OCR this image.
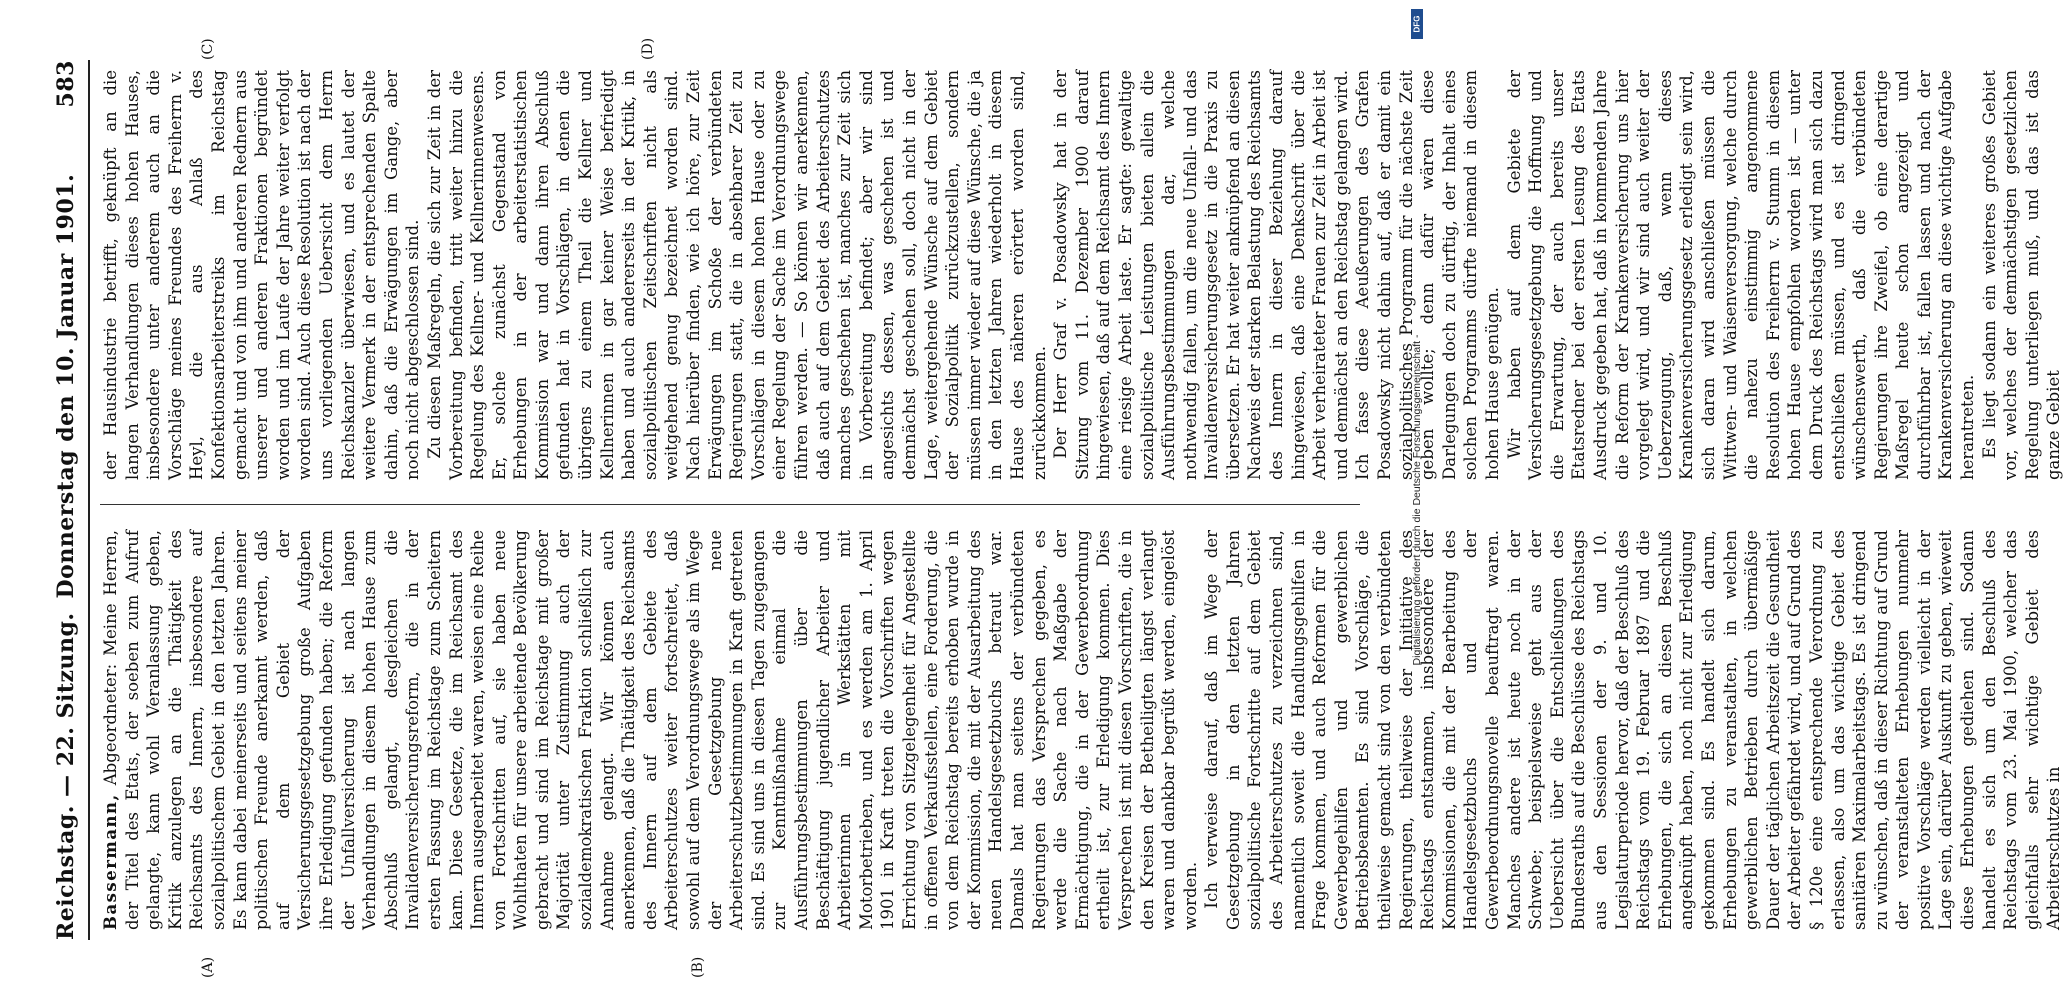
Reichstag. — 22. Sitzung.
Donnerstag den 10. Januar 1901.
583
(A)	(B)
(C)	(D)

Bassermann, Abgeordneter: Meine Herren, der Titel des Etats, der soeben zum Aufruf gelangte, kann wohl Veranlassung geben, Kritik anzulegen an die Thätigkeit des Reichsamts des Innern, insbesondere auf sozialpolitischem Gebiet in den letzten Jahren. Es kann dabei meinerseits und seitens meiner politischen Freunde anerkannt werden, daß auf dem Gebiet der Versicherungsgesetzgebung große Aufgaben ihre Erledigung gefunden haben; die Reform der Unfallversicherung ist nach langen Verhandlungen in diesem hohen Hause zum Abschluß gelangt, desgleichen die Invalidenversicherungsreform, die in der ersten Fassung im Reichstage zum Scheitern kam. Diese Gesetze, die im Reichsamt des Innern ausgearbeitet waren, weisen eine Reihe von Fortschritten auf, sie haben neue Wohlthaten für unsere arbeitende Bevölkerung gebracht und sind im Reichstage mit großer Majorität unter Zustimmung auch der sozialdemokratischen Fraktion schließlich zur Annahme gelangt. Wir können auch anerkennen, daß die Thätigkeit des Reichsamts des Innern auf dem Gebiete des Arbeiterschutzes weiter fortschreitet, daß sowohl auf dem Verordnungswege als im Wege der Gesetzgebung neue Arbeiterschutzbestimmungen in Kraft getreten sind. Es sind uns in diesen Tagen zugegangen zur Kenntnißnahme einmal die Ausführungsbestimmungen über die Beschäftigung jugendlicher Arbeiter und Arbeiterinnen in Werkstätten mit Motorbetrieben, und es werden am 1. April 1901 in Kraft treten die Vorschriften wegen Errichtung von Sitzgelegenheit für Angestellte in offenen Verkaufsstellen, eine Forderung, die von dem Reichstag bereits erhoben wurde in der Kommission, die mit der Ausarbeitung des neuen Handelsgesetzbuchs betraut war. Damals hat man seitens der verbündeten Regierungen das Versprechen gegeben, es werde die Sache nach Maßgabe der Ermächtigung, die in der Gewerbeordnung ertheilt ist, zur Erledigung kommen. Dies Versprechen ist mit diesen Vorschriften, die in den Kreisen der Betheiligten längst verlangt waren und dankbar begrüßt werden, eingelöst worden. Ich verweise darauf, daß im Wege der Gesetzgebung in den letzten Jahren sozialpolitische Fortschritte auf dem Gebiet des Arbeiterschutzes zu verzeichnen sind, namentlich soweit die Handlungsgehilfen in Frage kommen, und auch Reformen für die Gewerbegehilfen und gewerblichen Betriebsbeamten. Es sind Vorschläge, die theilweise gemacht sind von den verbündeten Regierungen, theilweise der Initiative des Reichstags entstammen, insbesondere der Kommissionen, die mit der Bearbeitung des Handelsgesetzbuchs und der Gewerbeordnungsnovelle beauftragt waren. Manches andere ist heute noch in der Schwebe; beispielsweise geht aus der Uebersicht über die Entschließungen des Bundesraths auf die Beschlüsse des Reichstags aus den Sessionen der 9. und 10. Legislaturperiode hervor, daß der Beschluß des Reichstags vom 19. Februar 1897 und die Erhebungen, die sich an diesen Beschluß angeknüpft haben, noch nicht zur Erledigung gekommen sind. Es handelt sich darum, Erhebungen zu veranstalten, in welchen gewerblichen Betrieben durch übermäßige Dauer der täglichen Arbeitszeit die Gesundheit der Arbeiter gefährdet wird, und auf Grund des § 120e eine entsprechende Verordnung zu erlassen, also um das wichtige Gebiet des sanitären Maximalarbeitstags. Es ist dringend zu wünschen, daß in dieser Richtung auf Grund der veranstalteten Erhebungen nunmehr positive Vorschläge werden vielleicht in der Lage sein, darüber Auskunft zu geben, wieweit diese Erhebungen gediehen sind. Sodann handelt es sich um den Beschluß des Reichstags vom 23. Mai 1900, welcher das gleichfalls sehr wichtige Gebiet des Arbeiterschutzes in

der Hausindustrie betrifft, geknüpft an die langen Verhandlungen dieses hohen Hauses, insbesondere unter anderem auch an die Vorschläge meines Freundes des Freiherrn v. Heyl, die aus Anlaß des Konfektionsarbeiterstreiks im Reichstag gemacht und von ihm und anderen Rednern aus unserer und anderen Fraktionen begründet worden und im Laufe der Jahre weiter verfolgt worden sind. Auch diese Resolution ist nach der uns vorliegenden Uebersicht dem Herrn Reichskanzler überwiesen, und es lautet der weitere Vermerk in der entsprechenden Spalte dahin, daß die Erwägungen im Gange, aber noch nicht abgeschlossen sind. Zu diesen Maßregeln, die sich zur Zeit in der Vorbereitung befinden, tritt weiter hinzu die Regelung des Kellner- und Kellnerinnenwesens. Er, solche zunächst Gegenstand von Erhebungen in der arbeiterstatistischen Kommission war und dann ihren Abschluß gefunden hat in Vorschlägen, in denen die übrigens zu einem Theil die Kellner und Kellnerinnen in gar keiner Weise befriedigt haben und auch andererseits in der Kritik, in sozialpolitischen Zeitschriften nicht als weitgehend genug bezeichnet worden sind. Nach hierüber finden, wie ich höre, zur Zeit Erwägungen im Schoße der verbündeten Regierungen statt, die in absehbarer Zeit zu Vorschlägen in diesem hohen Hause oder zu einer Regelung der Sache im Verordnungswege führen werden. — So können wir anerkennen, daß auch auf dem Gebiet des Arbeiterschutzes manches geschehen ist, manches zur Zeit sich in Vorbereitung befindet; aber wir sind angesichts dessen, was geschehen ist und demnächst geschehen soll, doch nicht in der Lage, weitergehende Wünsche auf dem Gebiet der Sozialpolitik zurückzustellen, sondern müssen immer wieder auf diese Wünsche, die ja in den letzten Jahren wiederholt in diesem Hause des näheren erörtert worden sind, zurückkommen. Der Herr Graf v. Posadowsky hat in der Sitzung vom 11. Dezember 1900 darauf hingewiesen, daß auf dem Reichsamt des Innern eine riesige Arbeit laste. Er sagte: gewaltige sozialpolitische Leistungen bieten allein die Ausführungsbestimmungen dar, welche nothwendig fallen, um die neue Unfall- und das Invalidenversicherungsgesetz in die Praxis zu übersetzen. Er hat weiter anknüpfend an diesen Nachweis der starken Belastung des Reichsamts des Innern in dieser Beziehung darauf hingewiesen, daß eine Denkschrift über die Arbeit verheirateter Frauen zur Zeit in Arbeit ist und demnächst an den Reichstag gelangen wird. Ich fasse diese Aeußerungen des Grafen Posadowsky nicht dahin auf, daß er damit ein sozialpolitisches Programm für die nächste Zeit geben wollte; denn dafür wären diese Darlegungen doch zu dürftig, der Inhalt eines solchen Programms dürfte niemand in diesem hohen Hause genügen. Wir haben auf dem Gebiete der Versicherungsgesetzgebung die Hoffnung und die Erwartung, der auch bereits unser Etatsredner bei der ersten Lesung des Etats Ausdruck gegeben hat, daß in kommenden Jahre die Reform der Krankenversicherung uns hier vorgelegt wird, und wir sind auch weiter der Ueberzeugung, daß, wenn dieses Krankenversicherungsgesetz erledigt sein wird, sich daran wird anschließen müssen die Wittwen- und Waisenversorgung, welche durch die nahezu einstimmig angenommene Resolution des Freiherrn v. Stumm in diesem hohen Hause empfohlen worden ist — unter dem Druck des Reichstags wird man sich dazu entschließen müssen, und es ist dringend wünschenswerth, daß die verbündeten Regierungen ihre Zweifel, ob eine derartige Maßregel heute schon angezeigt und durchführbar ist, fallen lassen und nach der Krankenversicherung an diese wichtige Aufgabe herantreten. Es liegt sodann ein weiteres großes Gebiet vor, welches der demnächstigen gesetzlichen Regelung unterliegen muß, und das ist das ganze Gebiet

DFG
Digitalisierung gefördert durch die Deutsche Forschungsgemeinschaft -
